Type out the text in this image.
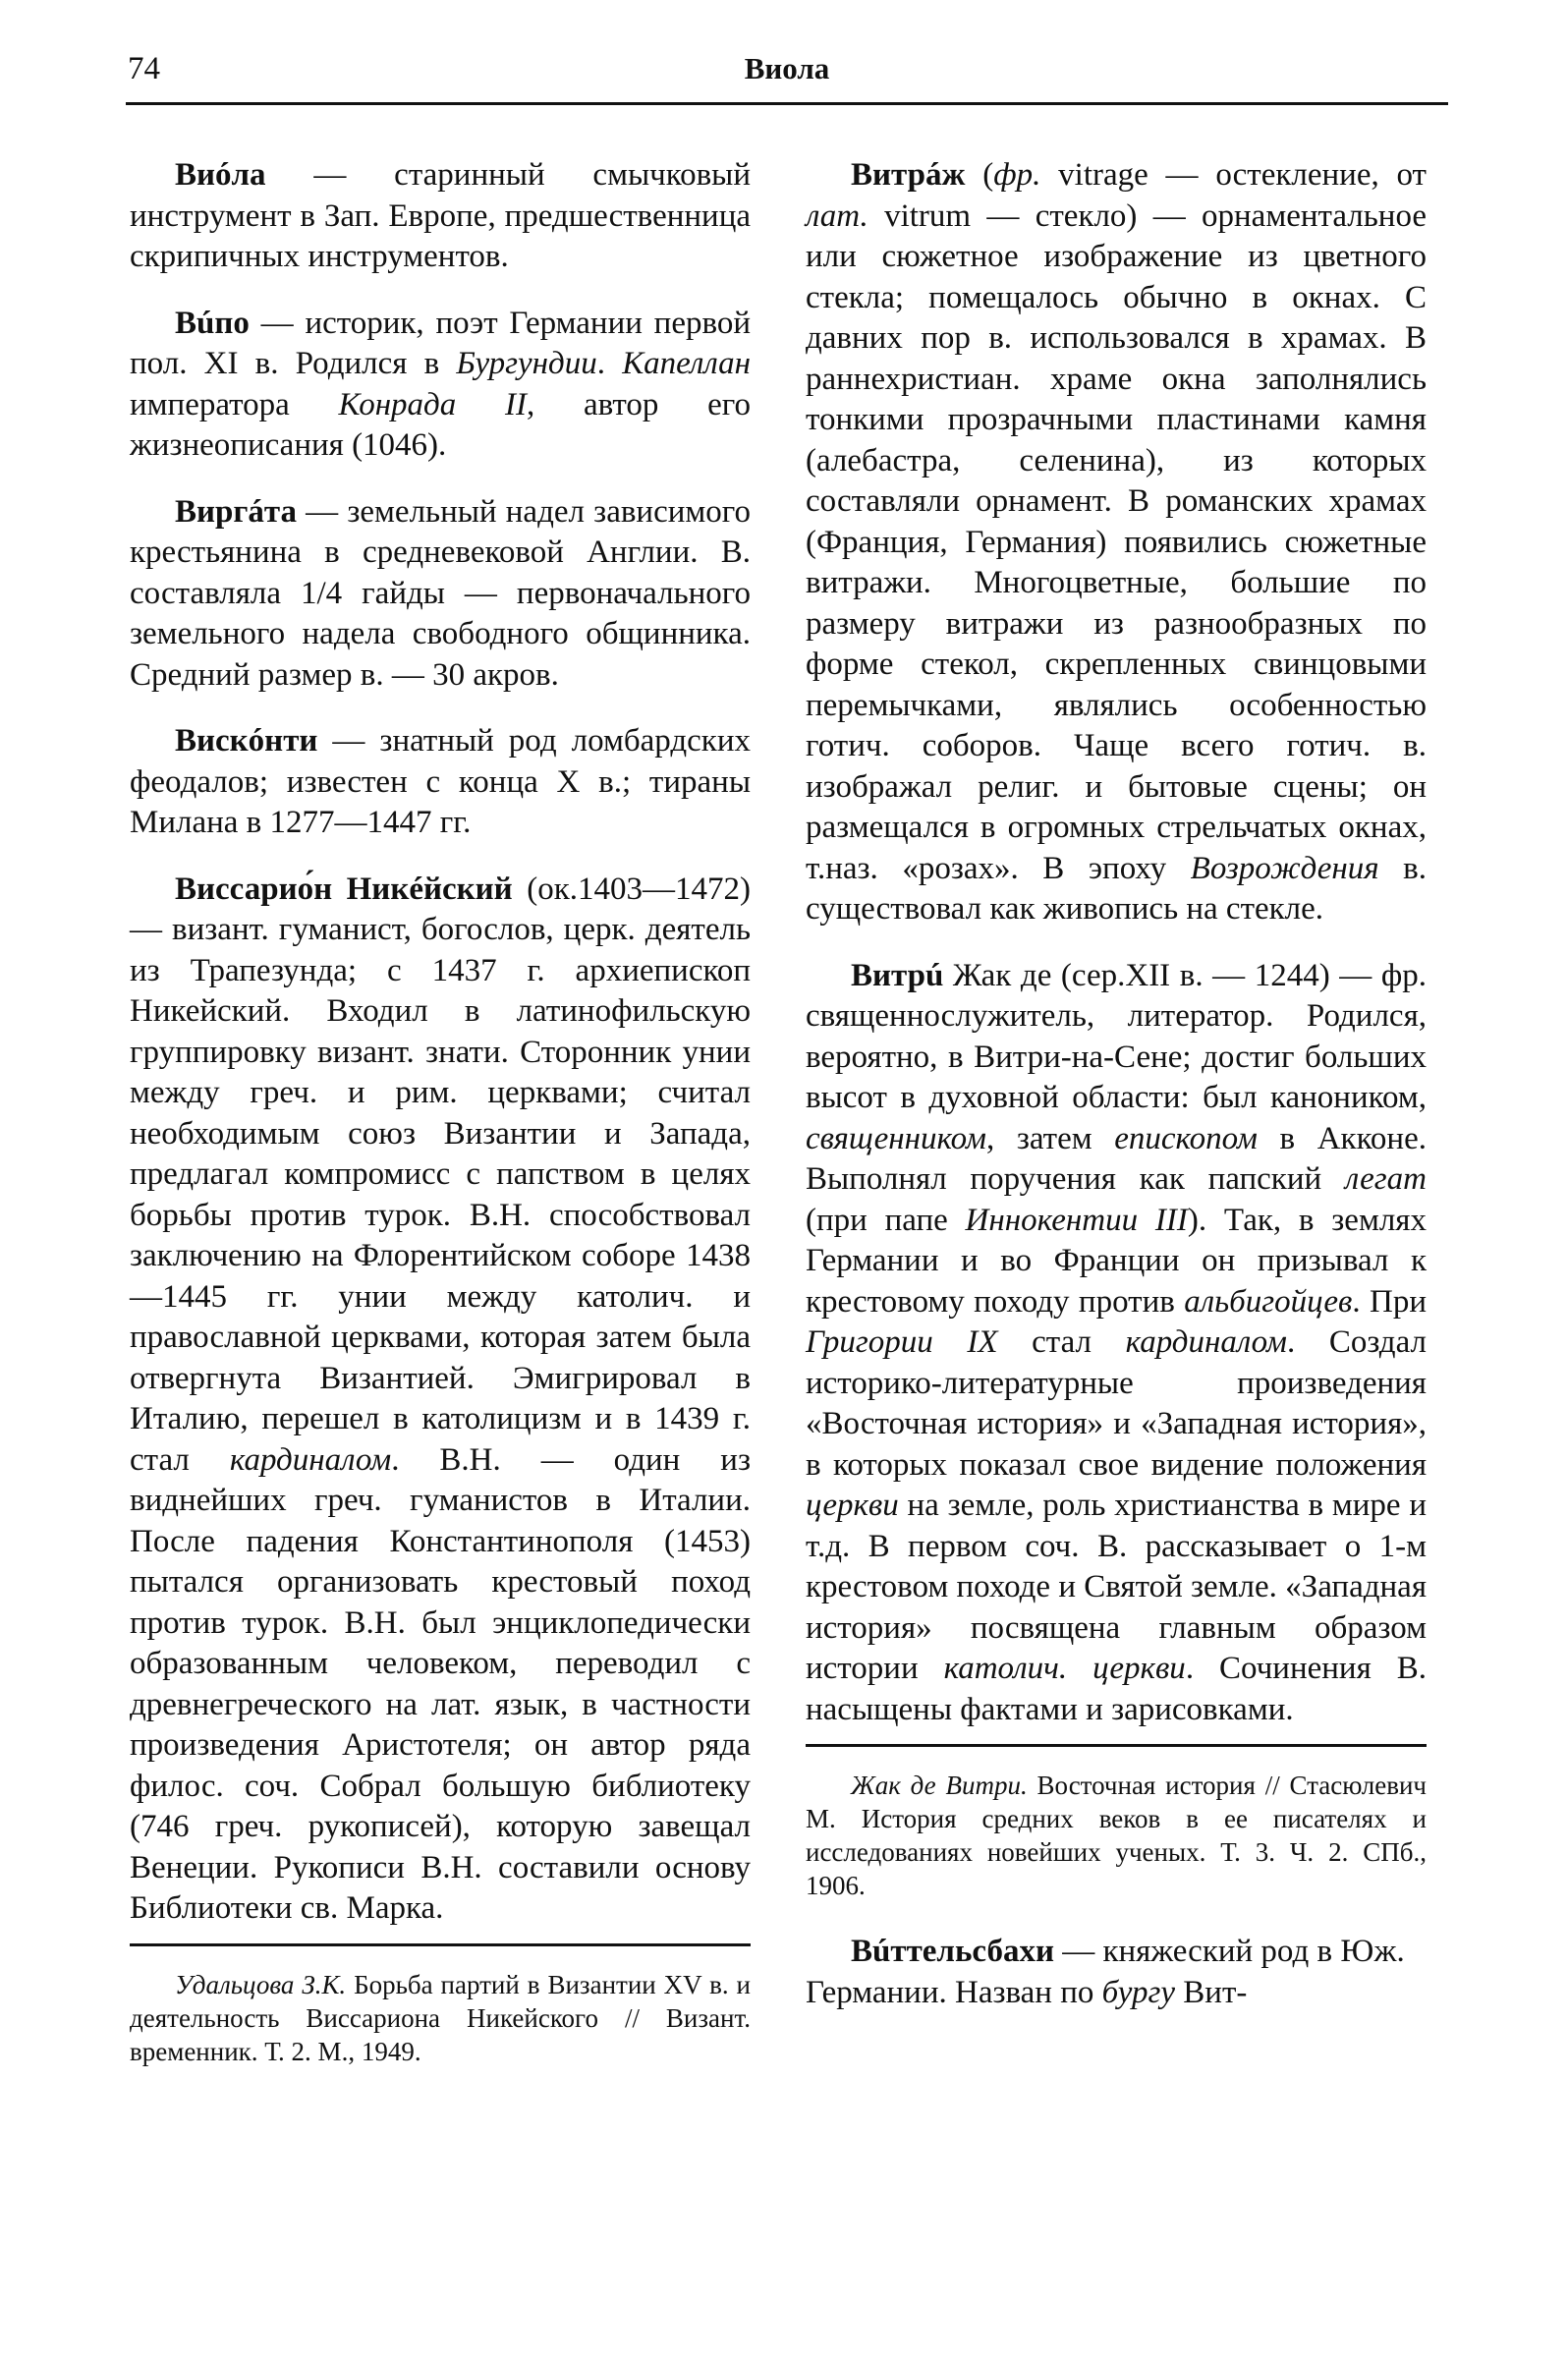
74	Виола

Виóла — старинный смычковый инструмент в Зап. Европе, предшественница скрипичных инструментов.

Вúпо — историк, поэт Германии первой пол. XI в. Родился в Бургундии. Капеллан императора Конрада II, автор его жизнеописания (1046).

Виргáта — земельный надел зависимого крестьянина в средневековой Англии. В. составляла 1/4 гайды — первоначального земельного надела свободного общинника. Средний размер в. — 30 акров.

Вискóнти — знатный род ломбардских феодалов; известен с конца X в.; тираны Милана в 1277—1447 гг.

Виссарио́н Никéйский (ок.1403—1472) — визант. гуманист, богослов, церк. деятель из Трапезунда; с 1437 г. архиепископ Никейский. Входил в латинофильскую группировку визант. знати. Сторонник унии между греч. и рим. церквами; считал необходимым союз Византии и Запада, предлагал компромисс с папством в целях борьбы против турок. В.Н. способствовал заключению на Флорентийском соборе 1438—1445 гг. унии между католич. и православной церквами, которая затем была отвергнута Византией. Эмигрировал в Италию, перешел в католицизм и в 1439 г. стал кардиналом. В.Н. — один из виднейших греч. гуманистов в Италии. После падения Константинополя (1453) пытался организовать крестовый поход против турок. В.Н. был энциклопедически образованным человеком, переводил с древнегреческого на лат. язык, в частности произведения Аристотеля; он автор ряда филос. соч. Собрал большую библиотеку (746 греч. рукописей), которую завещал Венеции. Рукописи В.Н. составили основу Библиотеки св. Марка.

Удальцова З.К. Борьба партий в Византии XV в. и деятельность Виссариона Никейского // Визант. временник. Т. 2. М., 1949.

Витрáж (фр. vitrage — остекление, от лат. vitrum — стекло) — орнаментальное или сюжетное изображение из цветного стекла; помещалось обычно в окнах. С давних пор в. использовался в храмах. В раннехристиан. храме окна заполнялись тонкими прозрачными пластинами камня (алебастра, селенина), из которых составляли орнамент. В романских храмах (Франция, Германия) появились сюжетные витражи. Многоцветные, большие по размеру витражи из разнообразных по форме стекол, скрепленных свинцовыми перемычками, являлись особенностью готич. соборов. Чаще всего готич. в. изображал религ. и бытовые сцены; он размещался в огромных стрельчатых окнах, т.наз. «розах». В эпоху Возрождения в. существовал как живопись на стекле.

Витрú Жак де (сер.XII в. — 1244) — фр. священнослужитель, литератор. Родился, вероятно, в Витри-на-Сене; достиг больших высот в духовной области: был каноником, священником, затем епископом в Акконе. Выполнял поручения как папский легат (при папе Иннокентии III). Так, в землях Германии и во Франции он призывал к крестовому походу против альбигойцев. При Григории IX стал кардиналом. Создал историко-литературные произведения «Восточная история» и «Западная история», в которых показал свое видение положения церкви на земле, роль христианства в мире и т.д. В первом соч. В. рассказывает о 1-м крестовом походе и Святой земле. «Западная история» посвящена главным образом истории католич. церкви. Сочинения В. насыщены фактами и зарисовками.

Жак де Витри. Восточная история // Стасюлевич М. История средних веков в ее писателях и исследованиях новейших ученых. Т. 3. Ч. 2. СПб., 1906.

Вúттельсбахи — княжеский род в Юж. Германии. Назван по бургу Вит-
